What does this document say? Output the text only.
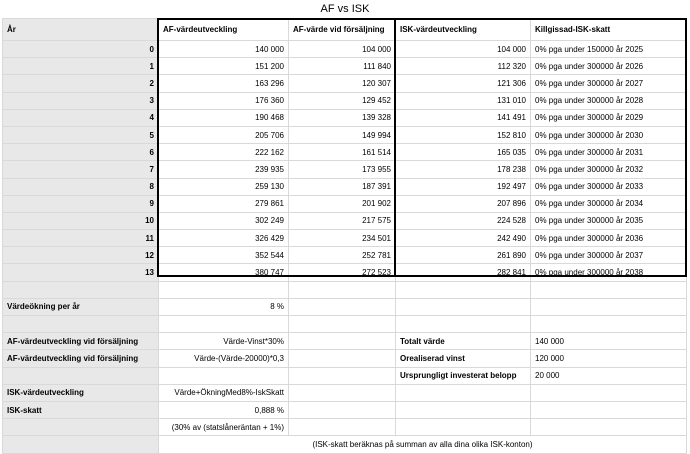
AF vs ISK
År	AF-värdeutveckling	AF-värde vid försäljning	ISK-värdeutveckling	Killgissad-ISK-skatt
0	140 000	104 000	104 000	0% pga under 150000 år 2025
1	151 200	111 840	112 320	0% pga under 300000 år 2026
2	163 296	120 307	121 306	0% pga under 300000 år 2027
3	176 360	129 452	131 010	0% pga under 300000 år 2028
4	190 468	139 328	141 491	0% pga under 300000 år 2029
5	205 706	149 994	152 810	0% pga under 300000 år 2030
6	222 162	161 514	165 035	0% pga under 300000 år 2031
7	239 935	173 955	178 238	0% pga under 300000 år 2032
8	259 130	187 391	192 497	0% pga under 300000 år 2033
9	279 861	201 902	207 896	0% pga under 300000 år 2034
10	302 249	217 575	224 528	0% pga under 300000 år 2035
11	326 429	234 501	242 490	0% pga under 300000 år 2036
12	352 544	252 781	261 890	0% pga under 300000 år 2037
13	380 747	272 523	282 841	0% pga under 300000 år 2038

Värdeökning per år	8 %			

AF-värdeutveckling vid försäljning	Värde-Vinst*30%		Totalt värde	140 000
AF-värdeutveckling vid försäljning	Värde-(Värde-20000)*0,3		Orealiserad vinst	120 000
			Ursprungligt investerat belopp	20 000
ISK-värdeutveckling	Värde+ÖkningMed8%-IskSkatt			
ISK-skatt	0,888 %			
	(30% av (statslåneräntan + 1%)			
	(ISK-skatt beräknas på summan av alla dina olika ISK-konton)			
